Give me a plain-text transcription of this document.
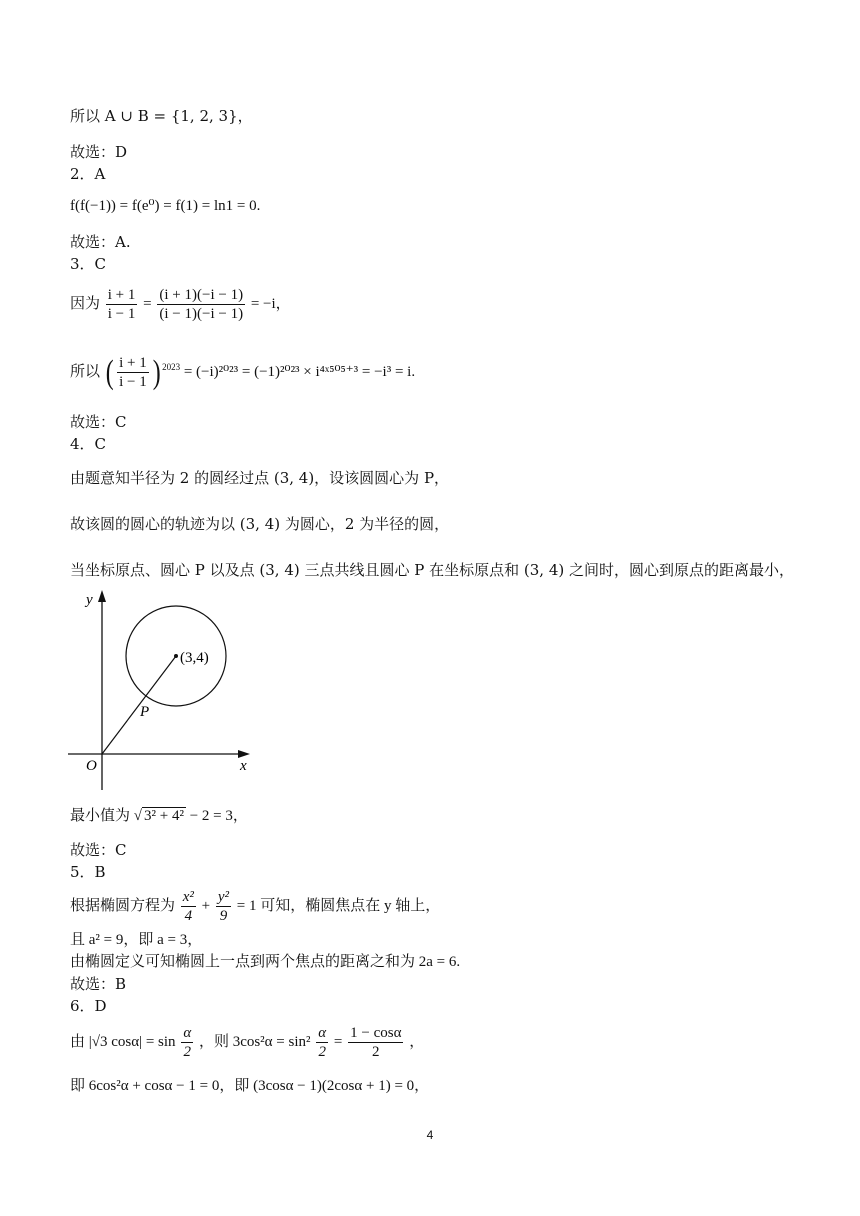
所以 A ∪ B = {1, 2, 3}，
故选：D
2．A
f(f(−1)) = f(e⁰) = f(1) = ln1 = 0.
故选：A.
3．C
因为 $\frac{i + 1}{i - 1} = \frac{(i + 1)(-i - 1)}{(i - 1)(-i - 1)} = -i$，
所以 ( $\frac{i + 1}{i - 1}$ ) $^{2023}$ = (−i)²⁰²³ = (−1)²⁰²³ × i⁴ˣ⁵⁰⁵⁺³ = −i³ = i.
故选：C
4．C
由题意知半径为 2 的圆经过点 (3, 4)，设该圆圆心为 P，
故该圆的圆心的轨迹为以 (3, 4) 为圆心，2 为半径的圆，
当坐标原点、圆心 P 以及点 (3, 4) 三点共线且圆心 P 在坐标原点和 (3, 4) 之间时，圆心到原点的距离最小，
y
x
O
(3,4)
P
最小值为 √ 3² + 4² − 2 = 3，
故选：C
5．B
根据椭圆方程为 $\frac{\text{x²}}{4} + \frac{\text{y²}}{9} = 1$ 可知，椭圆焦点在 y 轴上，
且 a² = 9，即 a = 3，
由椭圆定义可知椭圆上一点到两个焦点的距离之和为 2a = 6.
故选：B
6．D
由 |√3 $\cos\alpha| = \sin \frac{\alpha}{2}$ ，则 $3\cos^2\alpha = \sin^2 \frac{\alpha}{2} = \frac{1 - \cos\alpha}{2}$ ，
即 6cos²α + cosα − 1 = 0，即 (3cosα − 1)(2cosα + 1) = 0，
4
